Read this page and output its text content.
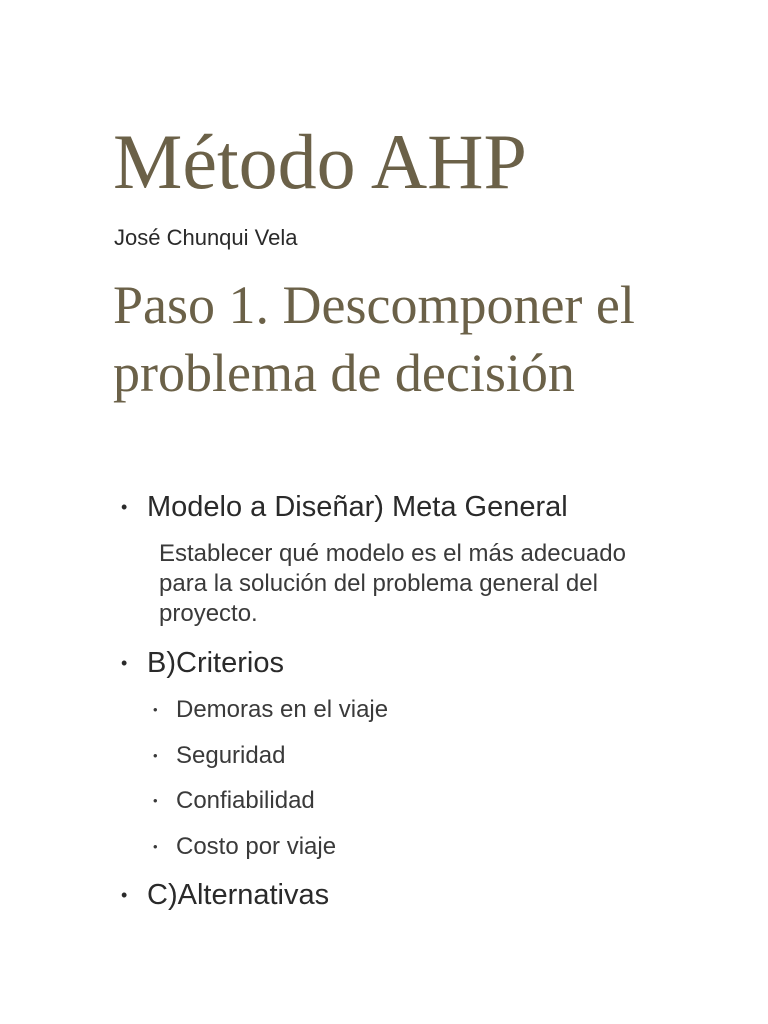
Método AHP

José Chunqui Vela

Paso 1. Descomponer el problema de decisión
• Modelo a Diseñar) Meta General
• B)Criterios
• Demoras en el viaje
• Seguridad
• Confiabilidad
• Costo por viaje
• C)Alternativas

Establecer qué modelo es el más adecuado para la solución del problema general del proyecto.
